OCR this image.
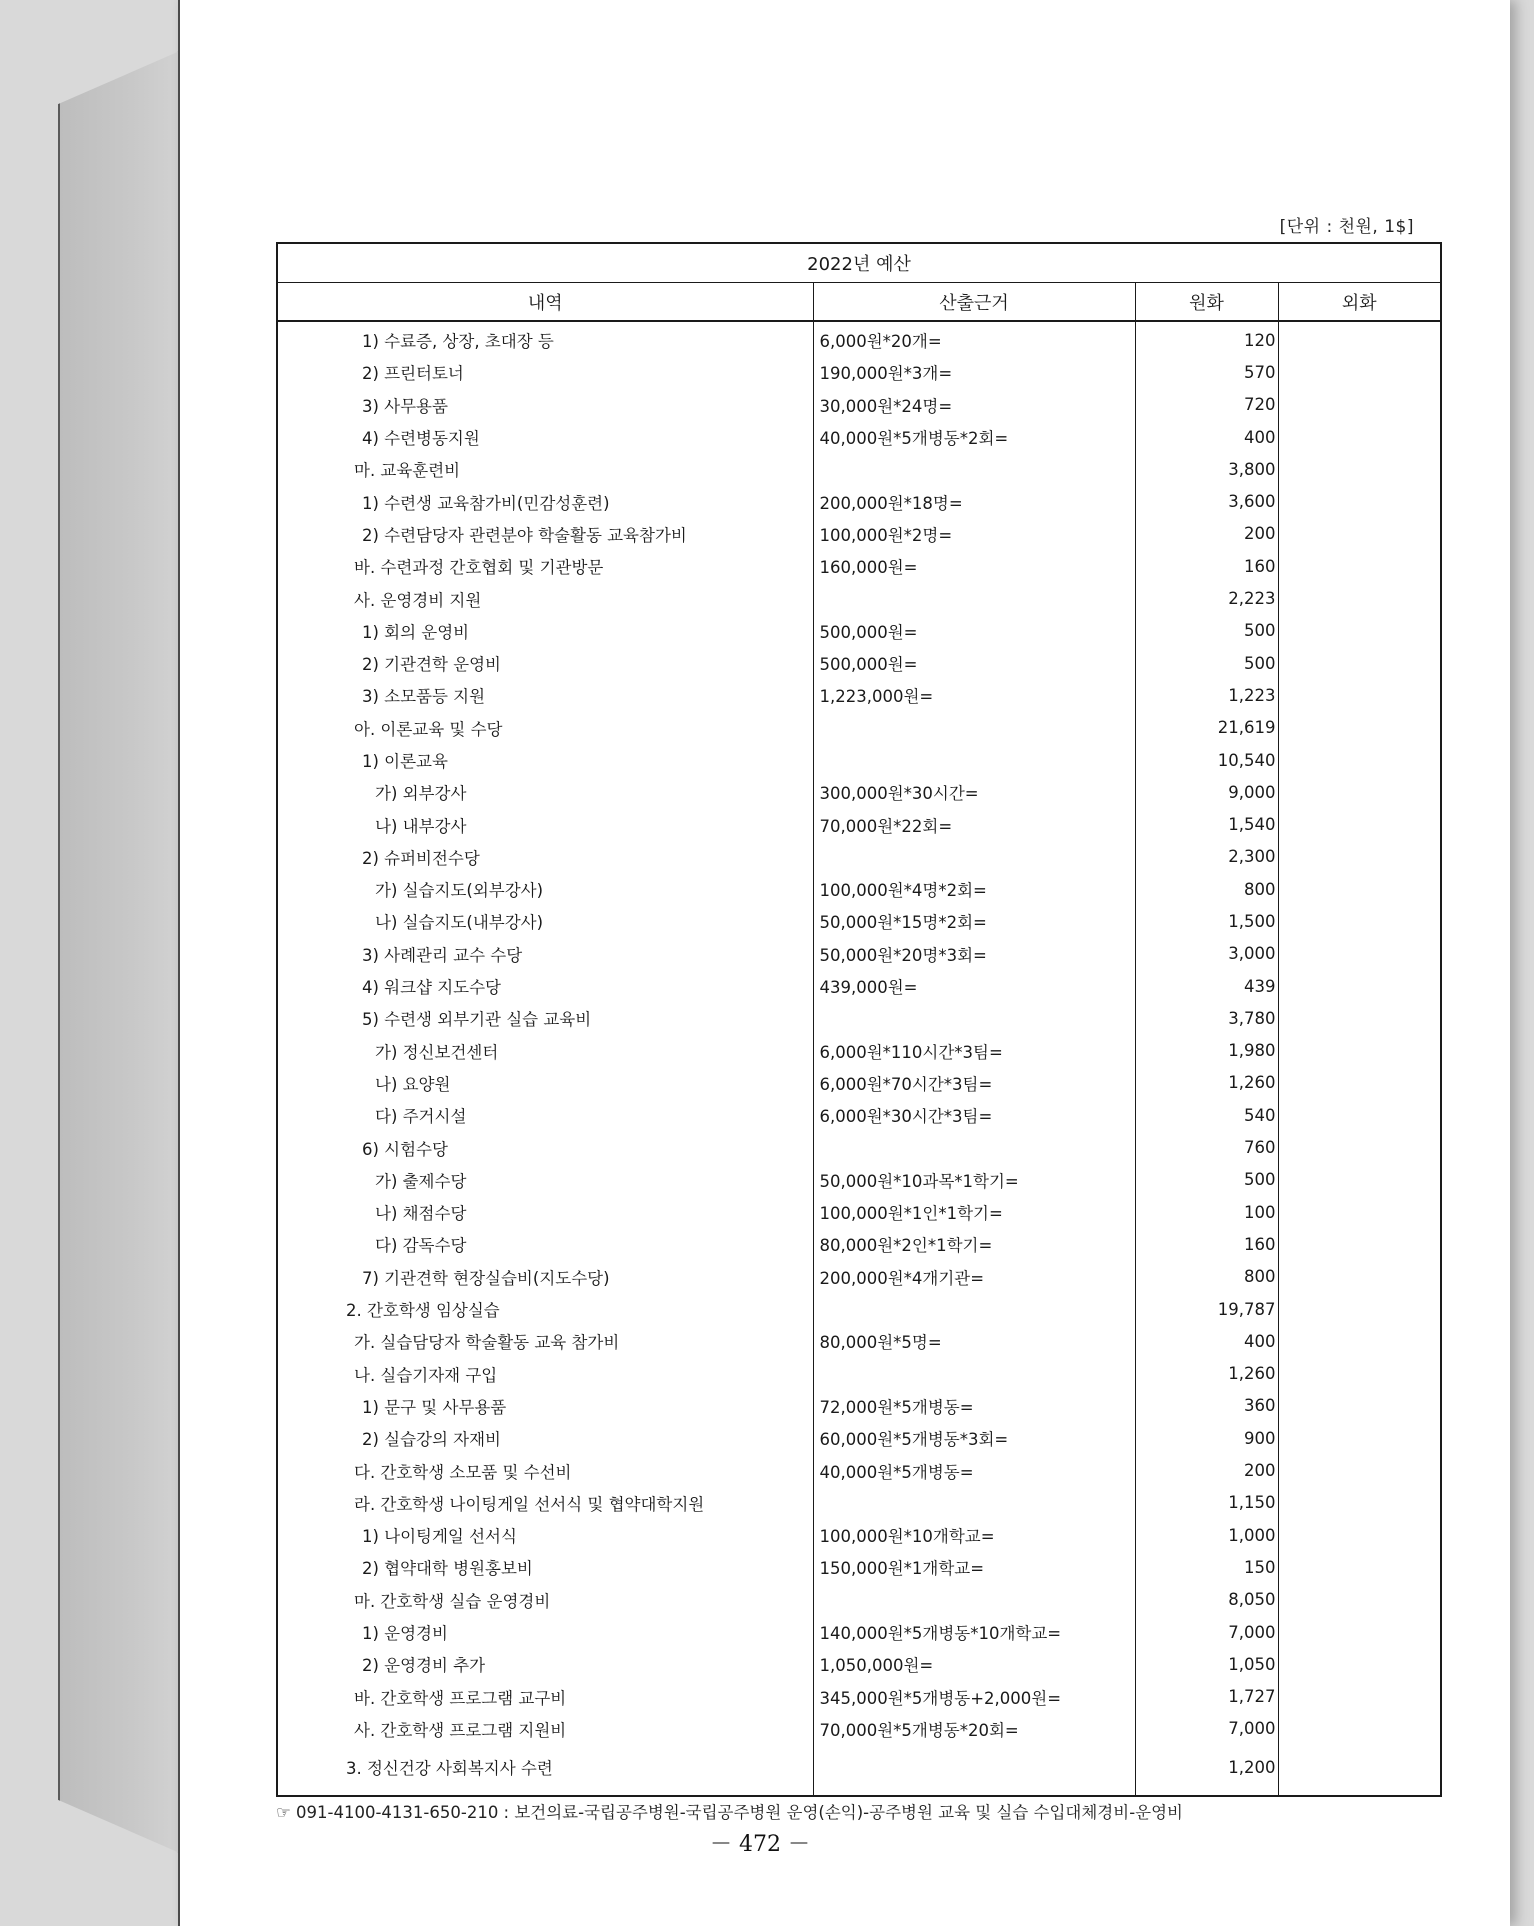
[단위 : 천원, 1$]
2022년 예산			
내역	산출근거	원화	외화
1) 수료증, 상장, 초대장 등	6,000원*20개=	120	
2) 프린터토너	190,000원*3개=	570	
3) 사무용품	30,000원*24명=	720	
4) 수련병동지원	40,000원*5개병동*2회=	400	
마. 교육훈련비		3,800	
1) 수련생 교육참가비(민감성훈련)	200,000원*18명=	3,600	
2) 수련담당자 관련분야 학술활동 교육참가비	100,000원*2명=	200	
바. 수련과정 간호협회 및 기관방문	160,000원=	160	
사. 운영경비 지원		2,223	
1) 회의 운영비	500,000원=	500	
2) 기관견학 운영비	500,000원=	500	
3) 소모품등 지원	1,223,000원=	1,223	
아. 이론교육 및 수당		21,619	
1) 이론교육		10,540	
가) 외부강사	300,000원*30시간=	9,000	
나) 내부강사	70,000원*22회=	1,540	
2) 슈퍼비전수당		2,300	
가) 실습지도(외부강사)	100,000원*4명*2회=	800	
나) 실습지도(내부강사)	50,000원*15명*2회=	1,500	
3) 사례관리 교수 수당	50,000원*20명*3회=	3,000	
4) 워크샵 지도수당	439,000원=	439	
5) 수련생 외부기관 실습 교육비		3,780	
가) 정신보건센터	6,000원*110시간*3팀=	1,980	
나) 요양원	6,000원*70시간*3팀=	1,260	
다) 주거시설	6,000원*30시간*3팀=	540	
6) 시험수당		760	
가) 출제수당	50,000원*10과목*1학기=	500	
나) 채점수당	100,000원*1인*1학기=	100	
다) 감독수당	80,000원*2인*1학기=	160	
7) 기관견학 현장실습비(지도수당)	200,000원*4개기관=	800	
2. 간호학생 임상실습		19,787	
가. 실습담당자 학술활동 교육 참가비	80,000원*5명=	400	
나. 실습기자재 구입		1,260	
1) 문구 및 사무용품	72,000원*5개병동=	360	
2) 실습강의 자재비	60,000원*5개병동*3회=	900	
다. 간호학생 소모품 및 수선비	40,000원*5개병동=	200	
라. 간호학생 나이팅게일 선서식 및 협약대학지원		1,150	
1) 나이팅게일 선서식	100,000원*10개학교=	1,000	
2) 협약대학 병원홍보비	150,000원*1개학교=	150	
마. 간호학생 실습 운영경비		8,050	
1) 운영경비	140,000원*5개병동*10개학교=	7,000	
2) 운영경비 추가	1,050,000원=	1,050	
바. 간호학생 프로그램 교구비	345,000원*5개병동+2,000원=	1,727	
사. 간호학생 프로그램 지원비	70,000원*5개병동*20회=	7,000	
3. 정신건강 사회복지사 수련		1,200	
☞ 091-4100-4131-650-210 : 보건의료-국립공주병원-국립공주병원 운영(손익)-공주병원 교육 및 실습 수입대체경비-운영비
－ 472 －
